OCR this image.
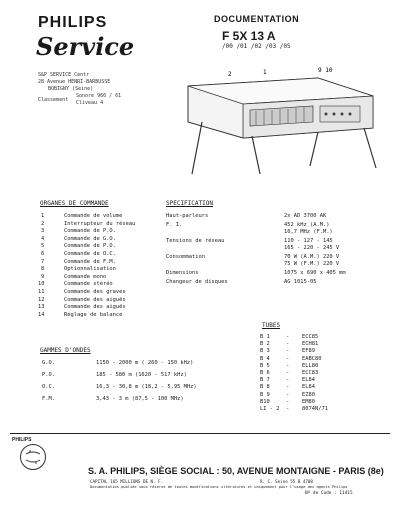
PHILIPS
Service
S&P SERVICE Centr
28 Avenue HENRI-BARBUSSE
BOBIGNY (Seine)
Classement
Sonore 960 / 61
Cliveau 4
DOCUMENTATION
F 5X 13 A
/00 /01 /02 /03 /05
2	1	9 10
ORGANES DE COMMANDE
1	Commande de volume
2	Interrupteur du réseau
3	Commande de P.O.
4	Commande de G.O.
5	Commande de P.O.
6	Commande de O.C.
7	Commande de F.M.
8	Optionnalisation
9	Commande mono
10	Commande stéréo
11	Commande des graves
12	Commande des aiguës
13	Commande des aiguës
14	Réglage de balance
SPECIFICATION
Haut-parleurs	2x AD 3700 AK
F. I.	452 kHz (A.M.)
10,7 MHz (F.M.)
Tensions de réseau	110 - 127 - 145
165 - 220 - 245 V
Consommation	70 W (A.M.) 220 V
75 W (F.M.) 220 V
Dimensions	1075 x 690 x 405 mm
Changeur de disques	AG 1015-05
TUBES
B 1	- ECC85
B 2	- ECH81
B 3	- EF89
B 4	- EABC80
B 5	- ELL80
B 6	- ECC83
B 7	- EL84
B 8	- EL84
B 9	- EZ80
B10	- EM80
LI - 2 - 8074N/71
GAMMES D'ONDES
G.O.	1150 - 2000 m ( 260 - 150 kHz)
P.O.	185 - 580 m (1620 - 517 kHz)
O.C.	16,3 - 30,8 m (18,2 - 5,95 MHz)
F.M.	3,43 - 3 m (87,5 - 100 MHz)
PHILIPS
S. A. PHILIPS, SIÈGE SOCIAL : 50, AVENUE MONTAIGNE - PARIS (8e)
CAPITAL 165 MILLIONS DE N. F.	R. C. Seine 55 B 4708
Documentation publiée sous réserve de toutes modifications ultérieures et uniquement pour l'usage des agents Philips
Nº de Code : 11415
